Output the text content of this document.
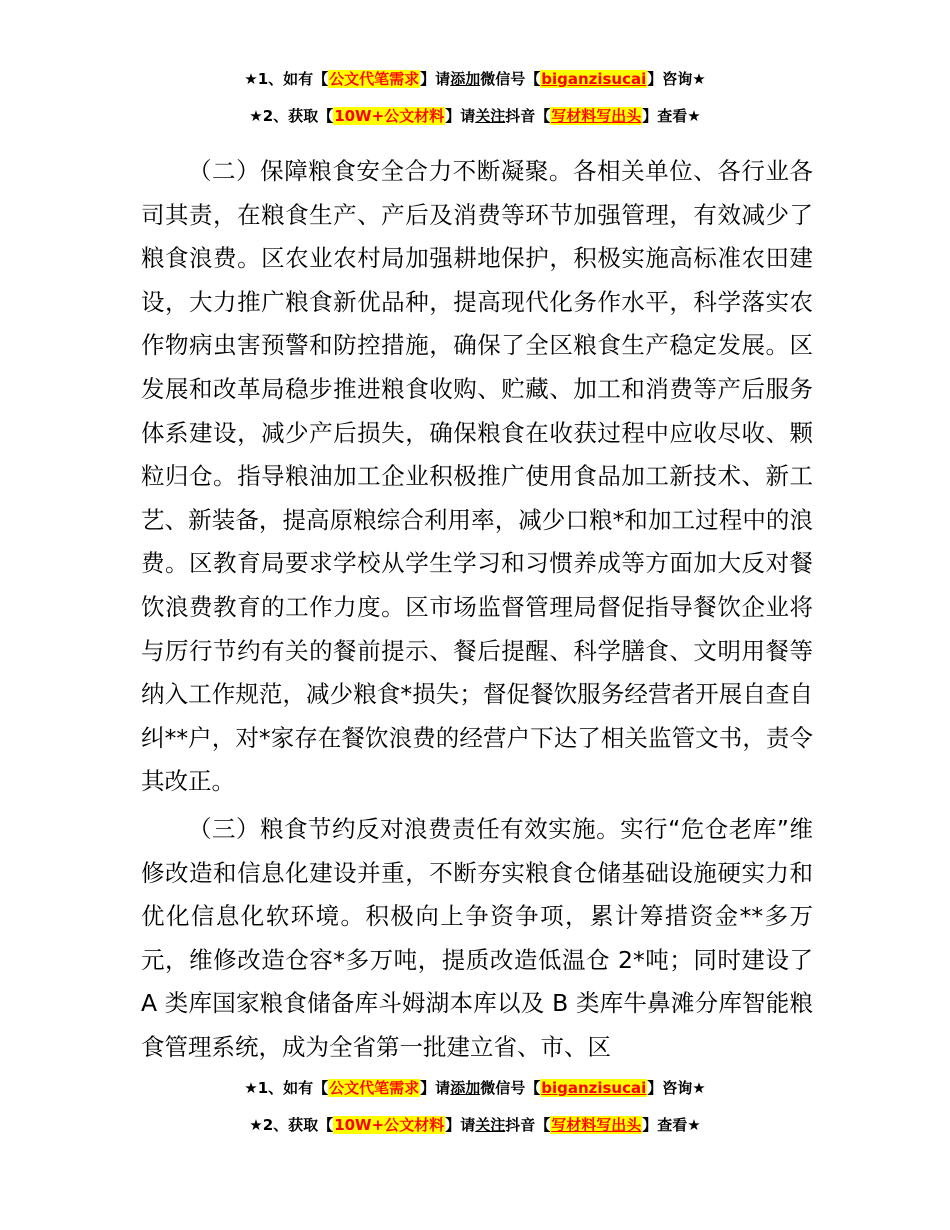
★1、如有【公文代笔需求】请添加微信号【biganzisucai】咨询★
★2、获取【10W+公文材料】请关注抖音【写材料写出头】查看★

（二）保障粮食安全合力不断凝聚。各相关单位、各行业各司其责，在粮食生产、产后及消费等环节加强管理，有效减少了粮食浪费。区农业农村局加强耕地保护，积极实施高标准农田建设，大力推广粮食新优品种，提高现代化务作水平，科学落实农作物病虫害预警和防控措施，确保了全区粮食生产稳定发展。区发展和改革局稳步推进粮食收购、贮藏、加工和消费等产后服务体系建设，减少产后损失，确保粮食在收获过程中应收尽收、颗粒归仓。指导粮油加工企业积极推广使用食品加工新技术、新工艺、新装备，提高原粮综合利用率，减少口粮*和加工过程中的浪费。区教育局要求学校从学生学习和习惯养成等方面加大反对餐饮浪费教育的工作力度。区市场监督管理局督促指导餐饮企业将与厉行节约有关的餐前提示、餐后提醒、科学膳食、文明用餐等纳入工作规范，减少粮食*损失；督促餐饮服务经营者开展自查自纠**户，对*家存在餐饮浪费的经营户下达了相关监管文书，责令其改正。

（三）粮食节约反对浪费责任有效实施。实行“危仓老库”维修改造和信息化建设并重，不断夯实粮食仓储基础设施硬实力和优化信息化软环境。积极向上争资争项，累计筹措资金**多万元，维修改造仓容*多万吨，提质改造低温仓 2*吨；同时建设了 A 类库国家粮食储备库斗姆湖本库以及 B 类库牛鼻滩分库智能粮食管理系统，成为全省第一批建立省、市、区

★1、如有【公文代笔需求】请添加微信号【biganzisucai】咨询★
★2、获取【10W+公文材料】请关注抖音【写材料写出头】查看★
